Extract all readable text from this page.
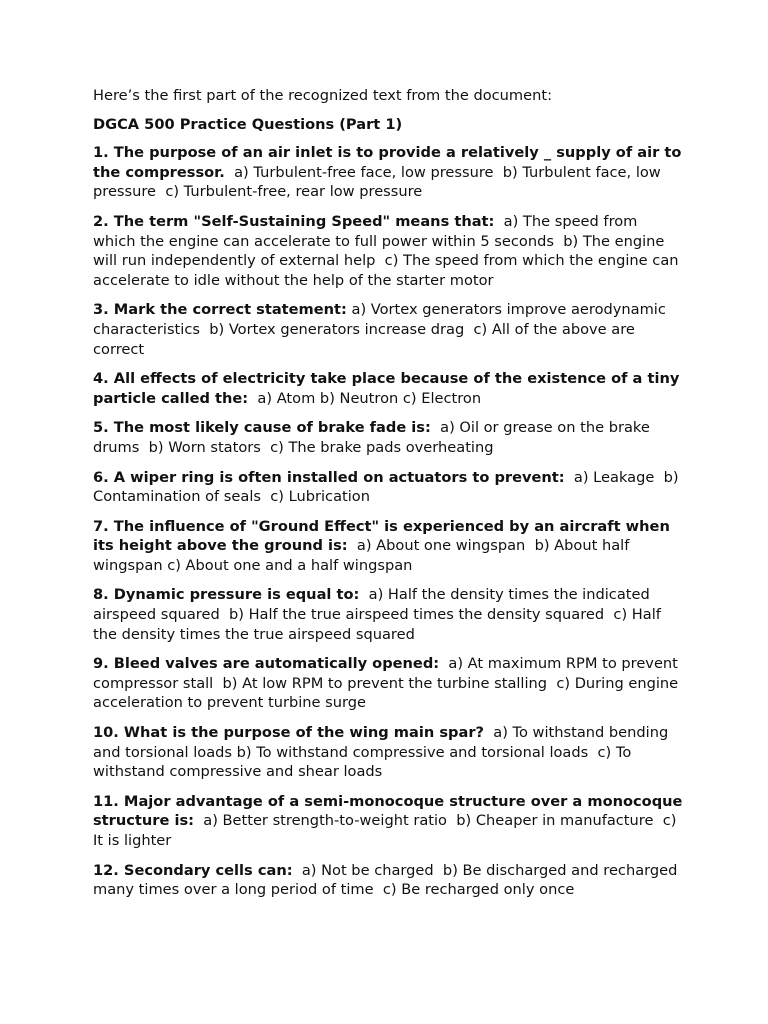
Here’s the first part of the recognized text from the document:

DGCA 500 Practice Questions (Part 1)

1. The purpose of an air inlet is to provide a relatively _ supply of air to the compressor.  a) Turbulent-free face, low pressure  b) Turbulent face, low pressure  c) Turbulent-free, rear low pressure

2. The term "Self-Sustaining Speed" means that:  a) The speed from which the engine can accelerate to full power within 5 seconds  b) The engine will run independently of external help  c) The speed from which the engine can accelerate to idle without the help of the starter motor

3. Mark the correct statement: a) Vortex generators improve aerodynamic characteristics  b) Vortex generators increase drag  c) All of the above are correct

4. All effects of electricity take place because of the existence of a tiny particle called the:  a) Atom b) Neutron c) Electron

5. The most likely cause of brake fade is:  a) Oil or grease on the brake drums  b) Worn stators  c) The brake pads overheating

6. A wiper ring is often installed on actuators to prevent:  a) Leakage  b) Contamination of seals  c) Lubrication

7. The influence of "Ground Effect" is experienced by an aircraft when its height above the ground is:  a) About one wingspan  b) About half wingspan c) About one and a half wingspan

8. Dynamic pressure is equal to:  a) Half the density times the indicated airspeed squared  b) Half the true airspeed times the density squared  c) Half the density times the true airspeed squared

9. Bleed valves are automatically opened:  a) At maximum RPM to prevent compressor stall  b) At low RPM to prevent the turbine stalling  c) During engine acceleration to prevent turbine surge

10. What is the purpose of the wing main spar?  a) To withstand bending and torsional loads b) To withstand compressive and torsional loads  c) To withstand compressive and shear loads

11. Major advantage of a semi-monocoque structure over a monocoque structure is:  a) Better strength-to-weight ratio  b) Cheaper in manufacture  c) It is lighter

12. Secondary cells can:  a) Not be charged  b) Be discharged and recharged many times over a long period of time  c) Be recharged only once
